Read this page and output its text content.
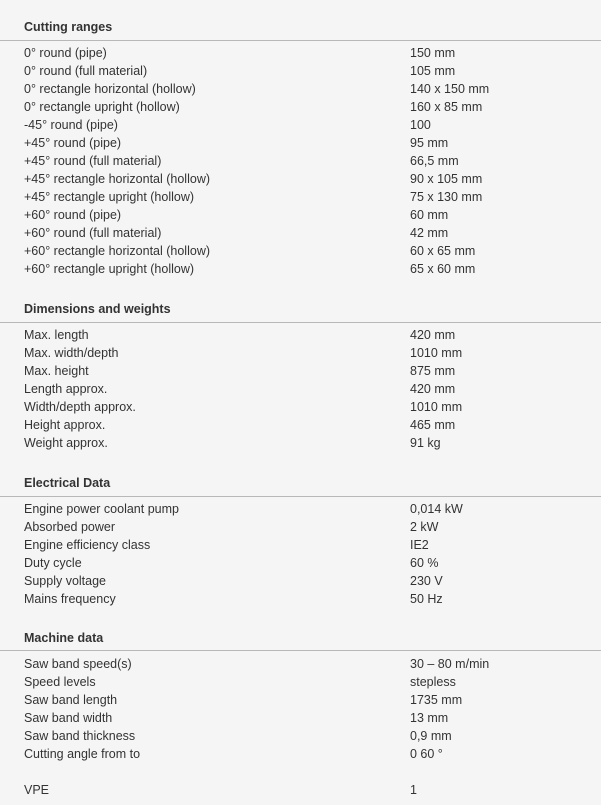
Cutting ranges
0° round (pipe)	150 mm
0° round (full material)	105 mm
0° rectangle horizontal (hollow)	140 x 150 mm
0° rectangle upright (hollow)	160 x 85 mm
-45° round (pipe)	100
+45° round (pipe)	95 mm
+45° round (full material)	66,5 mm
+45° rectangle horizontal (hollow)	90 x 105 mm
+45° rectangle upright (hollow)	75 x 130 mm
+60° round (pipe)	60 mm
+60° round (full material)	42 mm
+60° rectangle horizontal (hollow)	60 x 65 mm
+60° rectangle upright (hollow)	65 x 60 mm
Dimensions and weights
Max. length	420 mm
Max. width/depth	1010 mm
Max. height	875 mm
Length approx.	420 mm
Width/depth approx.	1010 mm
Height approx.	465 mm
Weight approx.	91 kg
Electrical Data
Engine power coolant pump	0,014 kW
Absorbed power	2 kW
Engine efficiency class	IE2
Duty cycle	60 %
Supply voltage	230 V
Mains frequency	50 Hz
Machine data
Saw band speed(s)	30 – 80 m/min
Speed levels	stepless
Saw band length	1735 mm
Saw band width	13 mm
Saw band thickness	0,9 mm
Cutting angle from to	0 60 °
VPE	1
